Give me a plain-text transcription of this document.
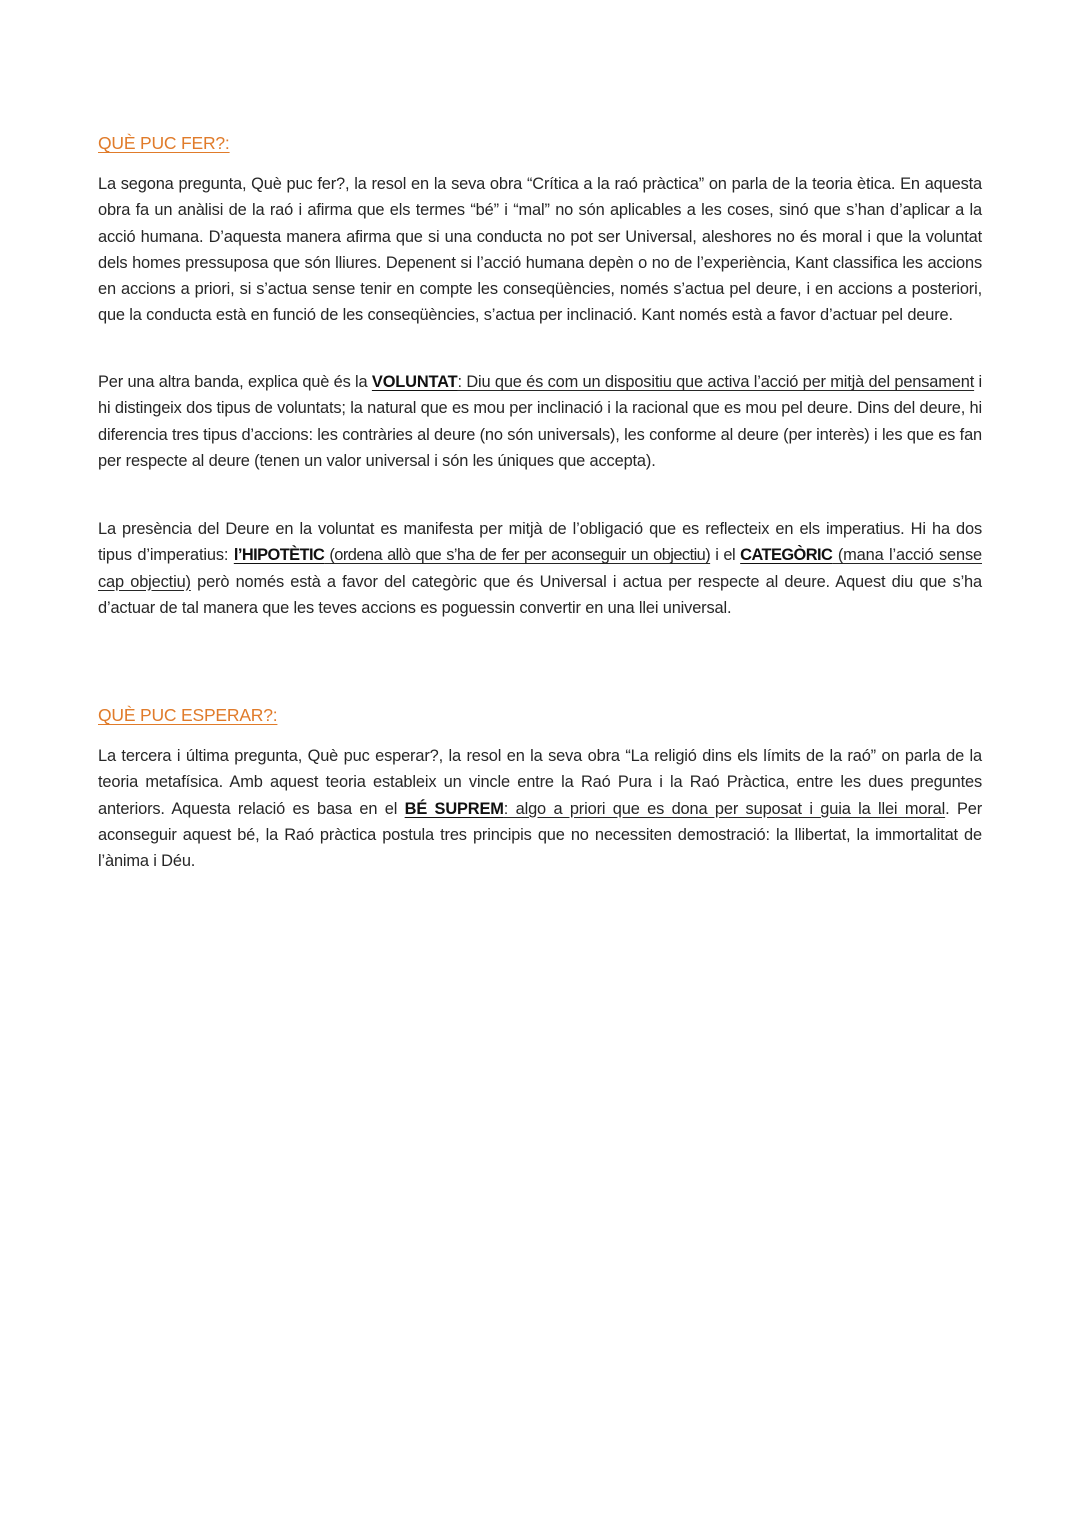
QUÈ PUC FER?:

La segona pregunta, Què puc fer?, la resol en la seva obra “Crítica a la raó pràctica” on parla de la teoria ètica. En aquesta obra fa un anàlisi de la raó i afirma que els termes “bé” i “mal” no són aplicables a les coses, sinó que s’han d’aplicar a la acció humana. D’aquesta manera afirma que si una conducta no pot ser Universal, aleshores no és moral i que la voluntat dels homes pressuposa que són lliures. Depenent si l’acció humana depèn o no de l’experiència, Kant classifica les accions en accions a priori, si s’actua sense tenir en compte les conseqüències, només s’actua pel deure, i en accions a posteriori, que la conducta està en funció de les conseqüències, s’actua per inclinació. Kant només està a favor d’actuar pel deure.

Per una altra banda, explica què és la VOLUNTAT: Diu que és com un dispositiu que activa l’acció per mitjà del pensament i hi distingeix dos tipus de voluntats; la natural que es mou per inclinació i la racional que es mou pel deure. Dins del deure, hi diferencia tres tipus d’accions: les contràries al deure (no són universals), les conforme al deure (per interès) i les que es fan per respecte al deure (tenen un valor universal i són les úniques que accepta).

La presència del Deure en la voluntat es manifesta per mitjà de l’obligació que es reflecteix en els imperatius. Hi ha dos tipus d’imperatius: l’HIPOTÈTIC (ordena allò que s’ha de fer per aconseguir un objectiu) i el CATEGÒRIC (mana l’acció sense cap objectiu) però només està a favor del categòric que és Universal i actua per respecte al deure. Aquest diu que s’ha d’actuar de tal manera que les teves accions es poguessin convertir en una llei universal.

QUÈ PUC ESPERAR?:

La tercera i última pregunta, Què puc esperar?, la resol en la seva obra “La religió dins els límits de la raó” on parla de la teoria metafísica. Amb aquest teoria estableix un vincle entre la Raó Pura i la Raó Pràctica, entre les dues preguntes anteriors. Aquesta relació es basa en el BÉ SUPREM: algo a priori que es dona per suposat i guia la llei moral. Per aconseguir aquest bé, la Raó pràctica postula tres principis que no necessiten demostració: la llibertat, la immortalitat de l’ànima i Déu.
